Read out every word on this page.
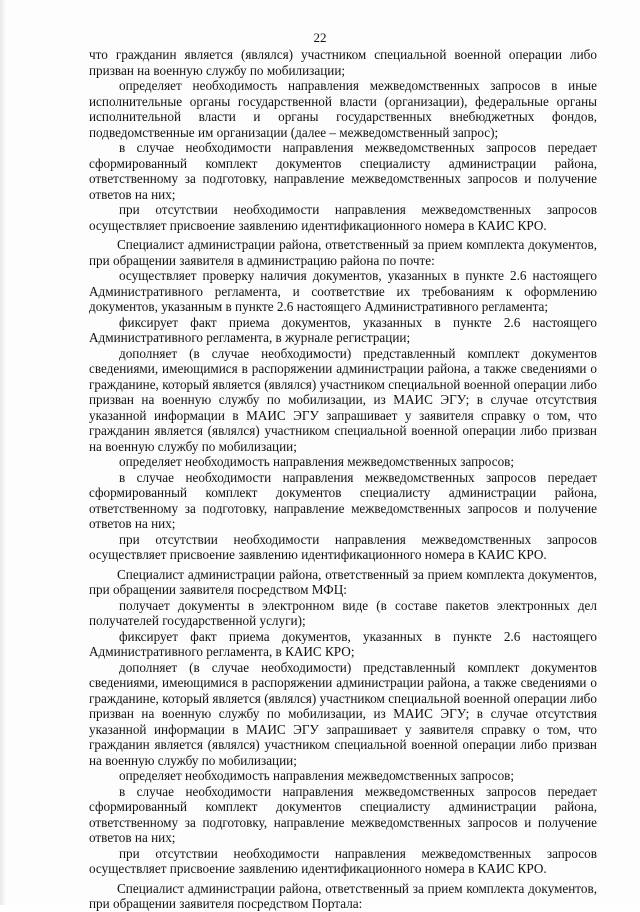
22

что гражданин является (являлся) участником специальной военной операции либо призван на военную службу по мобилизации;

определяет необходимость направления межведомственных запросов в иные исполнительные органы государственной власти (организации), федеральные органы исполнительной власти и органы государственных внебюджетных фондов, подведомственные им организации (далее – межведомственный запрос);

в случае необходимости направления межведомственных запросов передает сформированный комплект документов специалисту администрации района, ответственному за подготовку, направление межведомственных запросов и получение ответов на них;

при отсутствии необходимости направления межведомственных запросов осуществляет присвоение заявлению идентификационного номера в КАИС КРО.

Специалист администрации района, ответственный за прием комплекта документов, при обращении заявителя в администрацию района по почте:

осуществляет проверку наличия документов, указанных в пункте 2.6 настоящего Административного регламента, и соответствие их требованиям к оформлению документов, указанным в пункте 2.6 настоящего Административного регламента;

фиксирует факт приема документов, указанных в пункте 2.6 настоящего Административного регламента, в журнале регистрации;

дополняет (в случае необходимости) представленный комплект документов сведениями, имеющимися в распоряжении администрации района, а также сведениями о гражданине, который является (являлся) участником специальной военной операции либо призван на военную службу по мобилизации, из МАИС ЭГУ; в случае отсутствия указанной информации в МАИС ЭГУ запрашивает у заявителя справку о том, что гражданин является (являлся) участником специальной военной операции либо призван на военную службу по мобилизации;

определяет необходимость направления межведомственных запросов;

в случае необходимости направления межведомственных запросов передает сформированный комплект документов специалисту администрации района, ответственному за подготовку, направление межведомственных запросов и получение ответов на них;

при отсутствии необходимости направления межведомственных запросов осуществляет присвоение заявлению идентификационного номера в КАИС КРО.

Специалист администрации района, ответственный за прием комплекта документов, при обращении заявителя посредством МФЦ:

получает документы в электронном виде (в составе пакетов электронных дел получателей государственной услуги);

фиксирует факт приема документов, указанных в пункте 2.6 настоящего Административного регламента, в КАИС КРО;

дополняет (в случае необходимости) представленный комплект документов сведениями, имеющимися в распоряжении администрации района, а также сведениями о гражданине, который является (являлся) участником специальной военной операции либо призван на военную службу по мобилизации, из МАИС ЭГУ; в случае отсутствия указанной информации в МАИС ЭГУ запрашивает у заявителя справку о том, что гражданин является (являлся) участником специальной военной операции либо призван на военную службу по мобилизации;

определяет необходимость направления межведомственных запросов;

в случае необходимости направления межведомственных запросов передает сформированный комплект документов специалисту администрации района, ответственному за подготовку, направление межведомственных запросов и получение ответов на них;

при отсутствии необходимости направления межведомственных запросов осуществляет присвоение заявлению идентификационного номера в КАИС КРО.

Специалист администрации района, ответственный за прием комплекта документов, при обращении заявителя посредством Портала:
